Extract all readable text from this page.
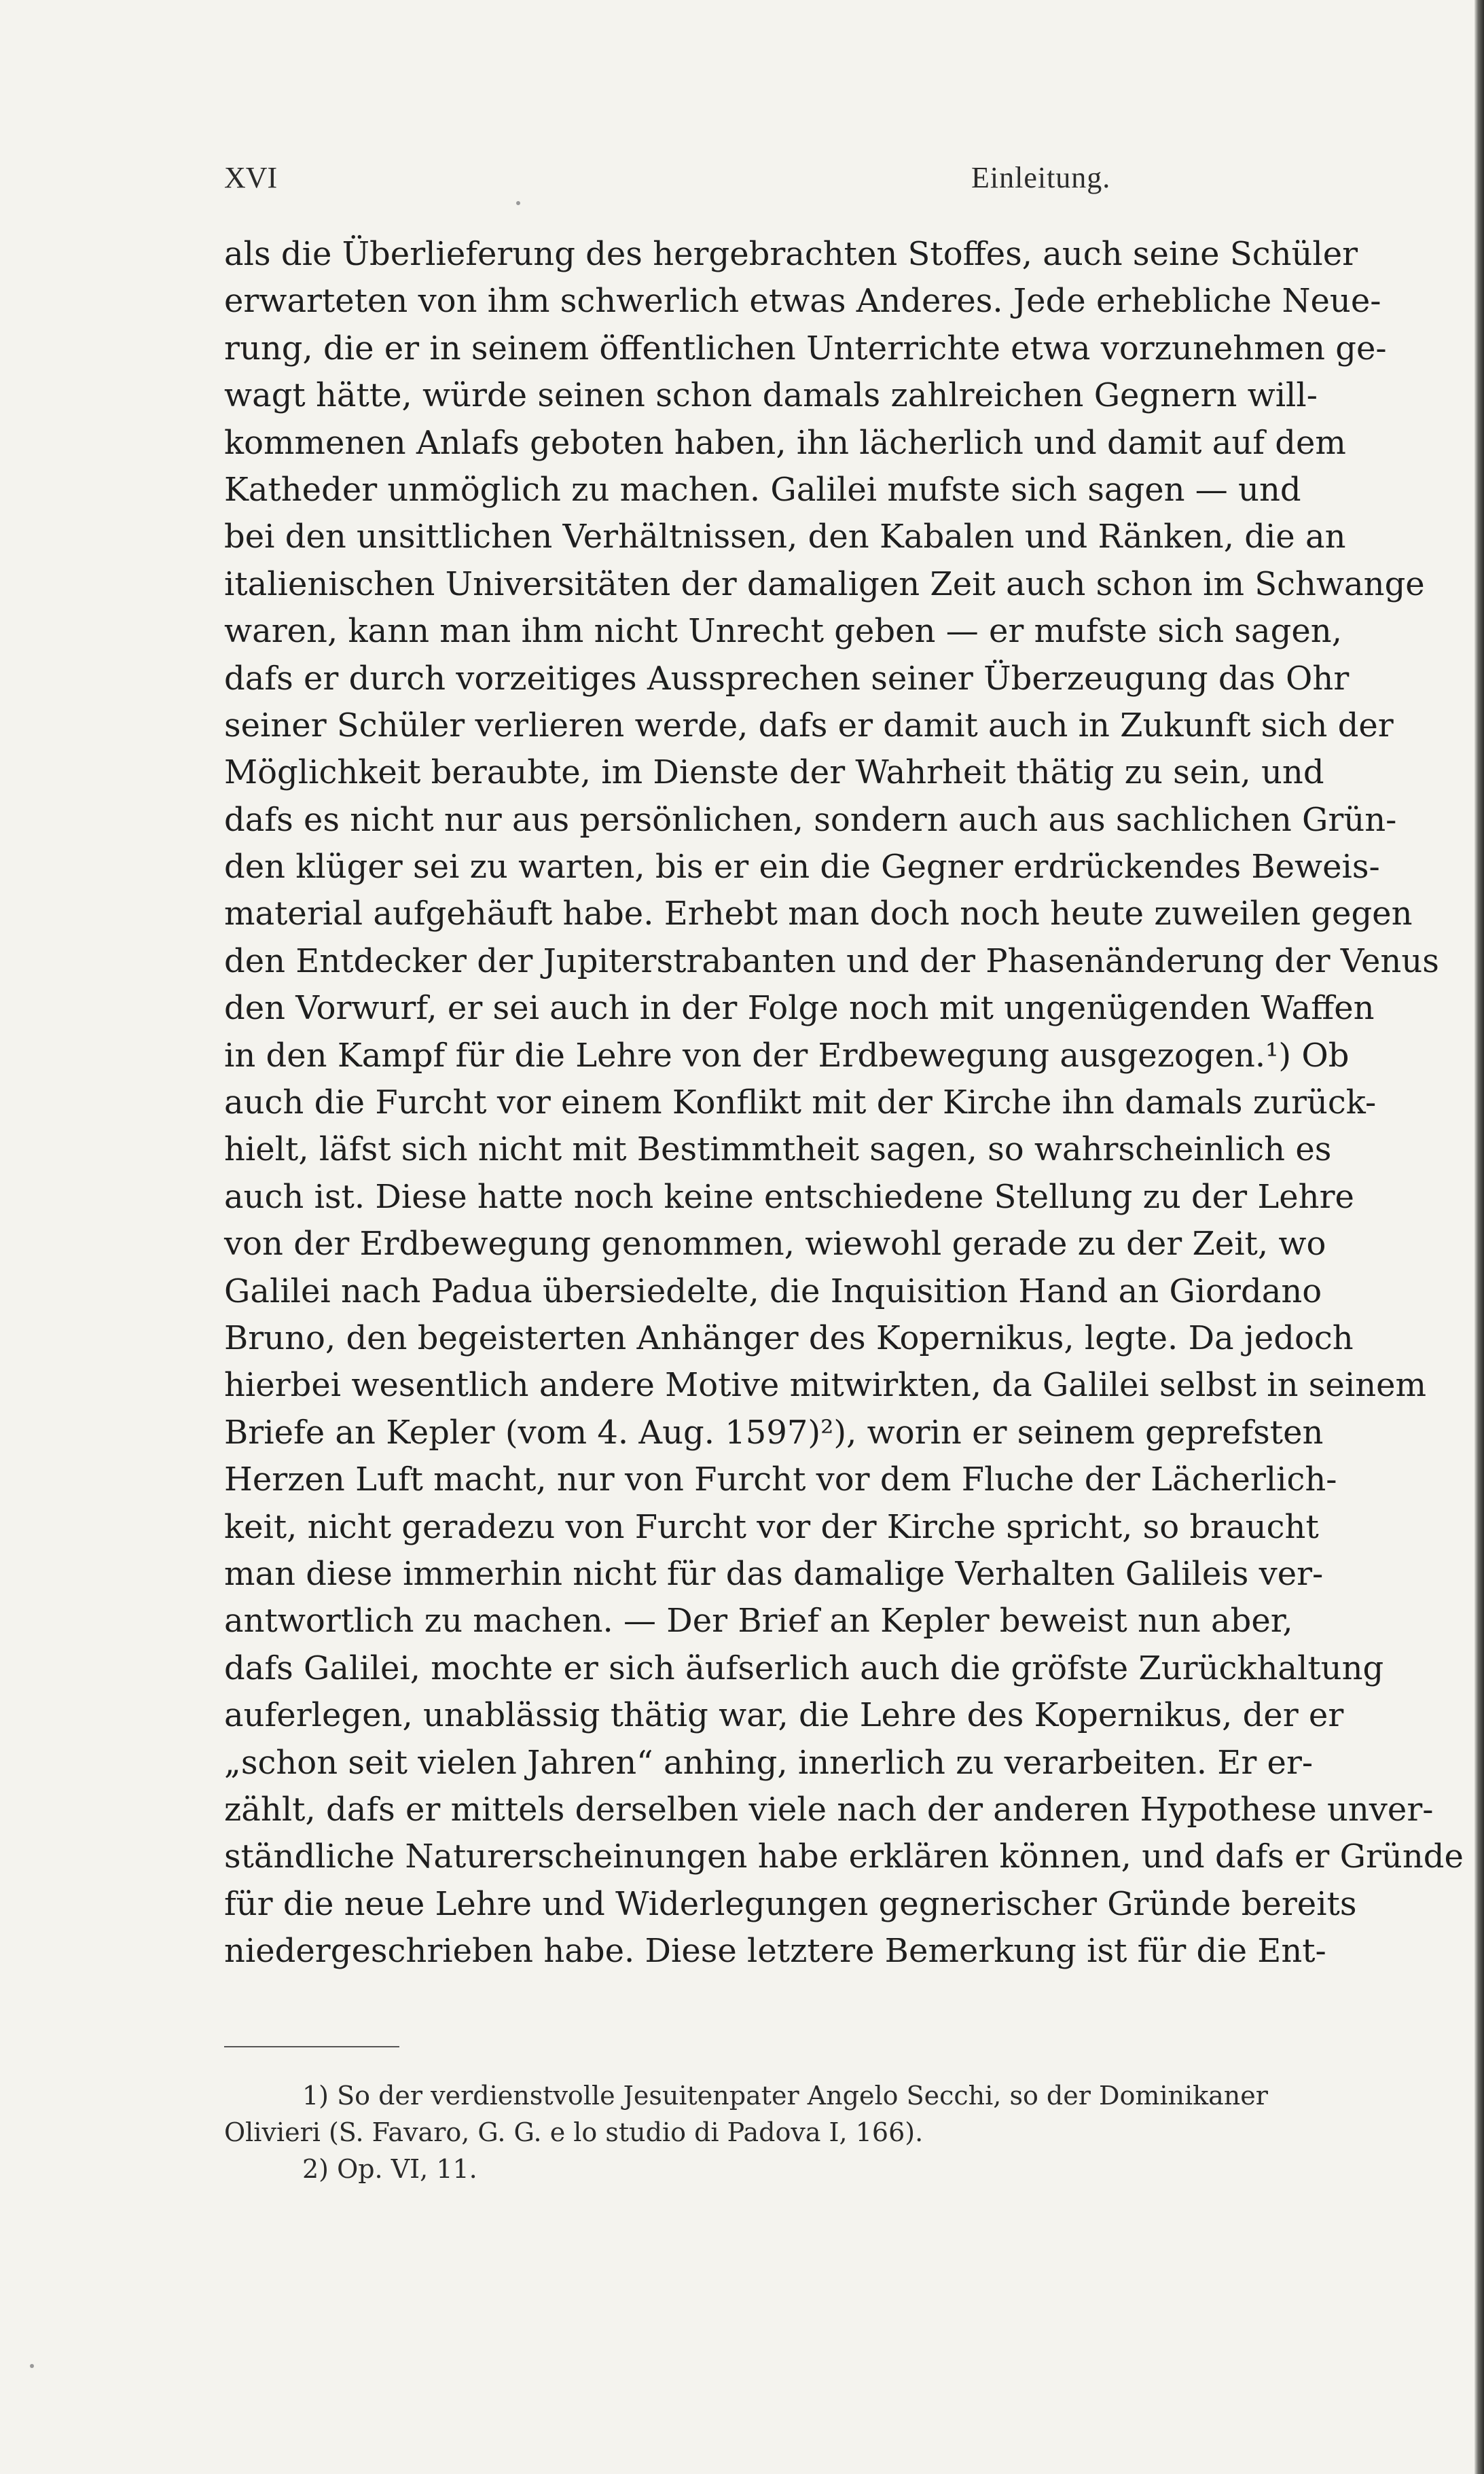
XVI	Einleitung.
als die Überlieferung des hergebrachten Stoffes, auch seine Schüler
erwarteten von ihm schwerlich etwas Anderes. Jede erhebliche Neue-
rung, die er in seinem öffentlichen Unterrichte etwa vorzunehmen ge-
wagt hätte, würde seinen schon damals zahlreichen Gegnern will-
kommenen Anlafs geboten haben, ihn lächerlich und damit auf dem
Katheder unmöglich zu machen. Galilei mufste sich sagen — und
bei den unsittlichen Verhältnissen, den Kabalen und Ränken, die an
italienischen Universitäten der damaligen Zeit auch schon im Schwange
waren, kann man ihm nicht Unrecht geben — er mufste sich sagen,
dafs er durch vorzeitiges Aussprechen seiner Überzeugung das Ohr
seiner Schüler verlieren werde, dafs er damit auch in Zukunft sich der
Möglichkeit beraubte, im Dienste der Wahrheit thätig zu sein, und
dafs es nicht nur aus persönlichen, sondern auch aus sachlichen Grün-
den klüger sei zu warten, bis er ein die Gegner erdrückendes Beweis-
material aufgehäuft habe. Erhebt man doch noch heute zuweilen gegen
den Entdecker der Jupiterstrabanten und der Phasenänderung der Venus
den Vorwurf, er sei auch in der Folge noch mit ungenügenden Waffen
in den Kampf für die Lehre von der Erdbewegung ausgezogen.¹) Ob
auch die Furcht vor einem Konflikt mit der Kirche ihn damals zurück-
hielt, läfst sich nicht mit Bestimmtheit sagen, so wahrscheinlich es
auch ist. Diese hatte noch keine entschiedene Stellung zu der Lehre
von der Erdbewegung genommen, wiewohl gerade zu der Zeit, wo
Galilei nach Padua übersiedelte, die Inquisition Hand an Giordano
Bruno, den begeisterten Anhänger des Kopernikus, legte. Da jedoch
hierbei wesentlich andere Motive mitwirkten, da Galilei selbst in seinem
Briefe an Kepler (vom 4. Aug. 1597)²), worin er seinem geprefsten
Herzen Luft macht, nur von Furcht vor dem Fluche der Lächerlich-
keit, nicht geradezu von Furcht vor der Kirche spricht, so braucht
man diese immerhin nicht für das damalige Verhalten Galileis ver-
antwortlich zu machen. — Der Brief an Kepler beweist nun aber,
dafs Galilei, mochte er sich äufserlich auch die gröfste Zurückhaltung
auferlegen, unablässig thätig war, die Lehre des Kopernikus, der er
„schon seit vielen Jahren“ anhing, innerlich zu verarbeiten. Er er-
zählt, dafs er mittels derselben viele nach der anderen Hypothese unver-
ständliche Naturerscheinungen habe erklären können, und dafs er Gründe
für die neue Lehre und Widerlegungen gegnerischer Gründe bereits
niedergeschrieben habe. Diese letztere Bemerkung ist für die Ent-
1) So der verdienstvolle Jesuitenpater Angelo Secchi, so der Dominikaner
Olivieri (S. Favaro, G. G. e lo studio di Padova I, 166).
2) Op. VI, 11.
